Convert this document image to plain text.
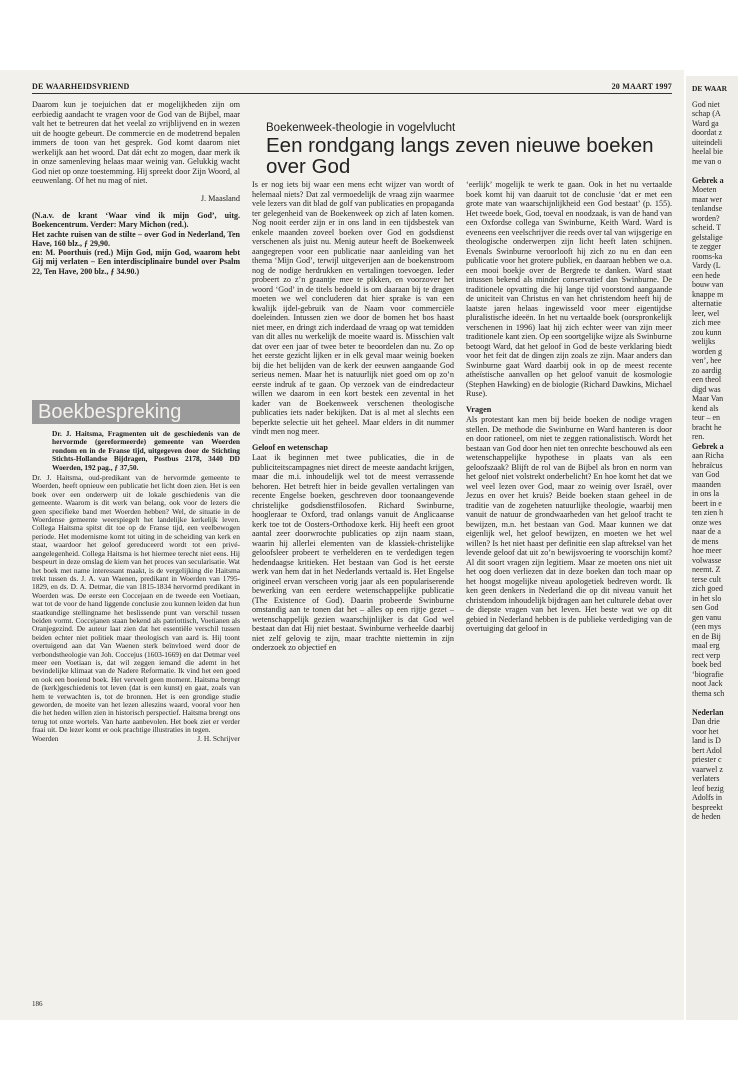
DE WAAR
God niet
schap (A
Ward ga
doordat z
uiteindeli
heelal bie
me van o

Gebrek a
Moeten
maar wer
tenlandse
worden?
scheid. T
gelstalige
te zegger
rooms-ka
Vardy (L
een hede
bouw van
knappe m
alternatie
leer, wel
zich mee
zou kunn
welijks
worden g
ven’, hee
zo aardig
een theol
digd was
Maar Van
kend als
teur – en
bracht he
ren.
Gebrek a
aan Richa
hebraïcus
van God
maanden
in ons la
beert in e
ten zien h
onze wes
naar de a
de mens
hoe meer
volwasse
neemt. Z
terse cult
zich goed
in het slo
sen God
gen vanu
(een mys
en de Bij
maal erg
rect verp
boek bed
‘biografie
noot Jack
thema sch

Nederlan
Dan drie
voor het
land is D
bert Adol
priester c
vaarwel z
verlaters
leof bezig
Adolfs in
bespreekt
de heden
DE WAARHEIDSVRIEND	20 MAART 1997

Daarom kun je toejuichen dat er mogelijkheden zijn om eerbiedig aandacht te vragen voor de God van de Bijbel, maar valt het te betreuren dat het veelal zo vrijblijvend en in wezen uit de hoogte gebeurt. De commercie en de modetrend bepalen immers de toon van het gesprek. God komt daarom niet werkelijk aan het woord. Dat dát echt zo mogen, daar merk ik in onze samenleving helaas maar weinig van. Gelukkig wacht God niet op onze toestemming. Hij spreekt door Zijn Woord, al eeuwenlang. Of het nu mag of niet.

J. Maasland
(N.a.v. de krant ‘Waar vind ik mijn God’, uitg. Boekencentrum. Verder: Mary Michon (red.).
Het zachte ruisen van de stilte – over God in Nederland, Ten Have, 160 blz., ƒ 29,90.
en: M. Poorthuis (red.) Mijn God, mijn God, waarom hebt Gij mij verlaten – Een interdisciplinaire bundel over Psalm 22, Ten Have, 200 blz., ƒ 34.90.)
Boekbespreking
Dr. J. Haitsma, Fragmenten uit de geschiedenis van de hervormde (gereformeerde) gemeente van Woerden rondom en in de Franse tijd, uitgegeven door de Stichting Stichts-Hollandse Bijdragen, Postbus 2178, 3440 DD Woerden, 192 pag., ƒ 37,50.
Dr. J. Haitsma, oud-predikant van de hervormde gemeente te Woerden, heeft opnieuw een publicatie het licht doen zien. Het is een boek over een onderwerp uit de lokale geschiedenis van die gemeente. Waarom is dit werk van belang, ook voor de lezers die geen specifieke band met Woerden hebben? Wel, de situatie in de Woerdense gemeente weerspiegelt het landelijke kerkelijk leven. Collega Haitsma spitst dit toe op de Franse tijd, een veelbewogen periode. Het modernisme komt tot uiting in de scheiding van kerk en staat, waardoor het geloof gereduceerd wordt tot een privé-aangelegenheid. Collega Haitsma is het hiermee terecht niet eens. Hij bespeurt in deze omslag de kiem van het proces van secularisatie. Wat het boek met name interessant maakt, is de vergelijking die Haitsma trekt tussen ds. J. A. van Waenen, predikant in Woerden van 1795-1829, en ds. D. A. Detmar, die van 1815-1834 hervormd predikant in Woerden was. De eerste een Coccejaan en de tweede een Voetiaan, wat tot de voor de hand liggende conclusie zou kunnen leiden dat hun staatkundige stellingname het beslissende punt van verschil tussen beiden vormt. Coccejanen staan bekend als patriottisch, Voetianen als Oranjegezind. De auteur laat zien dat het essentiële verschil tussen beiden echter niet politiek maar theologisch van aard is. Hij toont overtuigend aan dat Van Waenen sterk beïnvloed werd door de verbondstheologie van Joh. Coccejus (1603-1669) en dat Detmar veel meer een Voetiaan is, dat wil zeggen iemand die ademt in het bevindelijke klimaat van de Nadere Reformatie. Ik vind het een goed en ook een boeiend boek. Het verveelt geen moment. Haitsma brengt de (kerk)geschiedenis tot leven (dat is een kunst) en gaat, zoals van hem te verwachten is, tot de bronnen. Het is een grondige studie geworden, de moeite van het lezen alleszins waard, vooral voor hen die het heden willen zien in historisch perspectief. Haitsma brengt ons terug tot onze wortels. Van harte aanbevolen. Het boek ziet er verder fraai uit. De lezer komt er ook prachtige illustraties in tegen.
Woerden	J. H. Schrijver
Boekenweek-theologie in vogelvlucht
Een rondgang langs zeven nieuwe boeken over God

Is er nog iets bij waar een mens echt wijzer van wordt of helemaal niets? Dat zal vermoedelijk de vraag zijn waarmee vele lezers van dit blad de golf van publicaties en propaganda ter gelegenheid van de Boekenweek op zich af laten komen. Nog nooit eerder zijn er in ons land in een tijdsbestek van enkele maanden zoveel boeken over God en godsdienst verschenen als juist nu. Menig auteur heeft de Boekenweek aangegrepen voor een publicatie naar aanleiding van het thema ‘Mijn God’, terwijl uitgeverijen aan de boekenstroom nog de nodige herdrukken en vertalingen toevoegen. Ieder probeert zo z’n graantje mee te pikken, en voorzover het woord ‘God’ in de titels bedoeld is om daaraan bij te dragen moeten we wel concluderen dat hier sprake is van een kwalijk ijdel-gebruik van de Naam voor commerciële doeleinden. Intussen zien we door de bomen het bos haast niet meer, en dringt zich inderdaad de vraag op wat temidden van dit alles nu werkelijk de moeite waard is. Misschien valt dat over een jaar of twee beter te beoordelen dan nu. Zo op het eerste gezicht lijken er in elk geval maar weinig boeken bij die het belijden van de kerk der eeuwen aangaande God serieus nemen. Maar het is natuurlijk niet goed om op zo’n eerste indruk af te gaan. Op verzoek van de eindredacteur willen we daarom in een kort bestek een zevental in het kader van de Boekenweek verschenen theologische publicaties iets nader bekijken. Dat is al met al slechts een beperkte selectie uit het geheel. Maar elders in dit nummer vindt men nog meer.

Geloof en wetenschap

Laat ik beginnen met twee publicaties, die in de publiciteitscampagnes niet direct de meeste aandacht krijgen, maar die m.i. inhoudelijk wel tot de meest verrassende behoren. Het betreft hier in beide gevallen vertalingen van recente Engelse boeken, geschreven door toonaangevende christelijke godsdienstfilosofen. Richard Swinburne, hoogleraar te Oxford, trad onlangs vanuit de Anglicaanse kerk toe tot de Oosters-Orthodoxe kerk. Hij heeft een groot aantal zeer doorwrochte publicaties op zijn naam staan, waarin hij allerlei elementen van de klassiek-christelijke geloofsleer probeert te verhelderen en te verdedigen tegen hedendaagse kritieken. Het bestaan van God is het eerste werk van hem dat in het Nederlands vertaald is. Het Engelse origineel ervan verscheen vorig jaar als een populariserende bewerking van een eerdere wetenschappelijke publicatie (The Existence of God). Daarin probeerde Swinburne omstandig aan te tonen dat het – alles op een rijtje gezet – wetenschappelijk gezien waarschijnlijker is dat God wel bestaat dan dat Hij niet bestaat. Swinburne verheelde daarbij niet zelf gelovig te zijn, maar trachtte niettemin in zijn onderzoek zo objectief en

‘eerlijk’ mogelijk te werk te gaan. Ook in het nu vertaalde boek komt hij van daaruit tot de conclusie ‘dat er met een grote mate van waarschijnlijkheid een God bestaat’ (p. 155). Het tweede boek, God, toeval en noodzaak, is van de hand van een Oxfordse collega van Swinburne, Keith Ward. Ward is eveneens een veelschrijver die reeds over tal van wijsgerige en theologische onderwerpen zijn licht heeft laten schijnen. Evenals Swinburne veroorlooft hij zich zo nu en dan een publicatie voor het grotere publiek, en daaraan hebben we o.a. een mooi boekje over de Bergrede te danken. Ward staat intussen bekend als minder conservatief dan Swinburne. De traditionele opvatting die hij lange tijd voorstond aangaande de uniciteit van Christus en van het christendom heeft hij de laatste jaren helaas ingewisseld voor meer eigentijdse pluralistische ideeën. In het nu vertaalde boek (oorspronkelijk verschenen in 1996) laat hij zich echter weer van zijn meer traditionele kant zien. Op een soortgelijke wijze als Swinburne betoogt Ward, dat het geloof in God de beste verklaring biedt voor het feit dat de dingen zijn zoals ze zijn. Maar anders dan Swinburne gaat Ward daarbij ook in op de meest recente atheïstische aanvallen op het geloof vanuit de kosmologie (Stephen Hawking) en de biologie (Richard Dawkins, Michael Ruse).

Vragen

Als protestant kan men bij beide boeken de nodige vragen stellen. De methode die Swinburne en Ward hanteren is door en door rationeel, om niet te zeggen rationalistisch. Wordt het bestaan van God door hen niet ten onrechte beschouwd als een wetenschappelijke hypothese in plaats van als een geloofszaak? Blijft de rol van de Bijbel als bron en norm van het geloof niet volstrekt onderbelicht? En hoe komt het dat we wel veel lezen over God, maar zo weinig over Israël, over Jezus en over het kruis? Beide boeken staan geheel in de traditie van de zogeheten natuurlijke theologie, waarbij men vanuit de natuur de grondwaarheden van het geloof tracht te bewijzen, m.n. het bestaan van God. Maar kunnen we dat eigenlijk wel, het geloof bewijzen, en moeten we het wel willen? Is het niet haast per definitie een slap aftreksel van het levende geloof dat uit zo’n bewijsvoering te voorschijn komt? Al dit soort vragen zijn legitiem. Maar ze moeten ons niet uit het oog doen verliezen dat in deze boeken dan toch maar op het hoogst mogelijke niveau apologetiek bedreven wordt. Ik ken geen denkers in Nederland die op dit niveau vanuit het christendom inhoudelijk bijdragen aan het culturele debat over de diepste vragen van het leven. Het beste wat we op dit gebied in Nederland hebben is de publieke verdediging van de overtuiging dat geloof in

186
